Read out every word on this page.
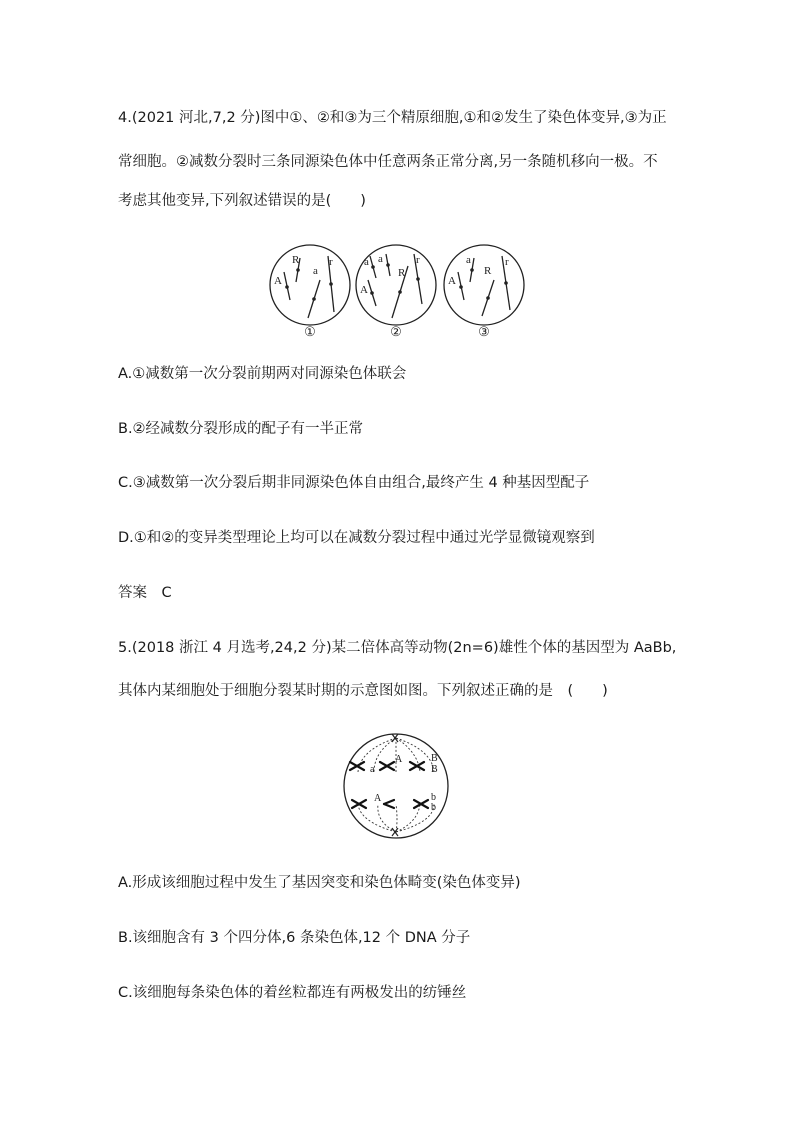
4.(2021 河北,7,2 分)图中①、②和③为三个精原细胞,①和②发生了染色体变异,③为正
常细胞。②减数分裂时三条同源染色体中任意两条正常分离,另一条随机移向一极。不
考虑其他变异,下列叙述错误的是(　　)
A
R
a
r	a a
A
R
r
A
a
R
r
①	②	③
A.①减数第一次分裂前期两对同源染色体联会
B.②经减数分裂形成的配子有一半正常
C.③减数第一次分裂后期非同源染色体自由组合,最终产生 4 种基因型配子
D.①和②的变异类型理论上均可以在减数分裂过程中通过光学显微镜观察到
答案　C
5.(2018 浙江 4 月选考,24,2 分)某二倍体高等动物(2n=6)雄性个体的基因型为 AaBb,
其体内某细胞处于细胞分裂某时期的示意图如图。下列叙述正确的是　(　　)
A
a
B
B
A	b
b
A.形成该细胞过程中发生了基因突变和染色体畸变(染色体变异)
B.该细胞含有 3 个四分体,6 条染色体,12 个 DNA 分子
C.该细胞每条染色体的着丝粒都连有两极发出的纺锤丝
